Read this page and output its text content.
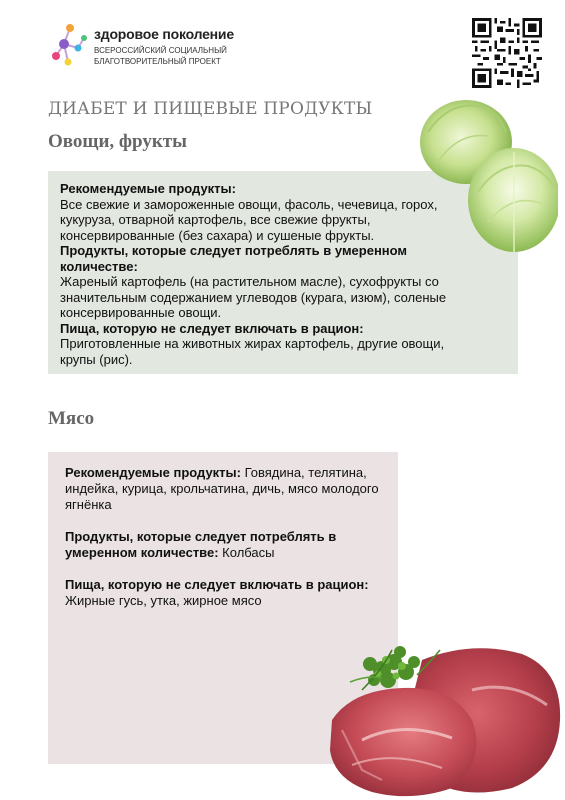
здоровое поколение
ВСЕРОССИЙСКИЙ СОЦИАЛЬНЫЙ
БЛАГОТВОРИТЕЛЬНЫЙ ПРОЕКТ
ДИАБЕТ И ПИЩЕВЫЕ ПРОДУКТЫ
Овощи, фрукты

Рекомендуемые продукты:

Все свежие и замороженные овощи, фасоль, чечевица, горох, кукуруза, отварной картофель, все свежие фрукты, консервированные (без сахара) и сушеные фрукты.

Продукты, которые следует потреблять в умеренном количестве:

Жареный картофель (на растительном масле), сухофрукты со значительным содержанием углеводов (курага, изюм), соленые консервированные овощи.

Пища, которую не следует включать в рацион:

Приготовленные на животных жирах картофель, другие овощи, крупы (рис).

Мясо

Рекомендуемые продукты: Говядина, телятина, индейка, курица, крольчатина, дичь, мясо молодого ягнёнка

Продукты, которые следует потреблять в умеренном количестве: Колбасы

Пища, которую не следует включать в рацион:
Жирные гусь, утка, жирное мясо
